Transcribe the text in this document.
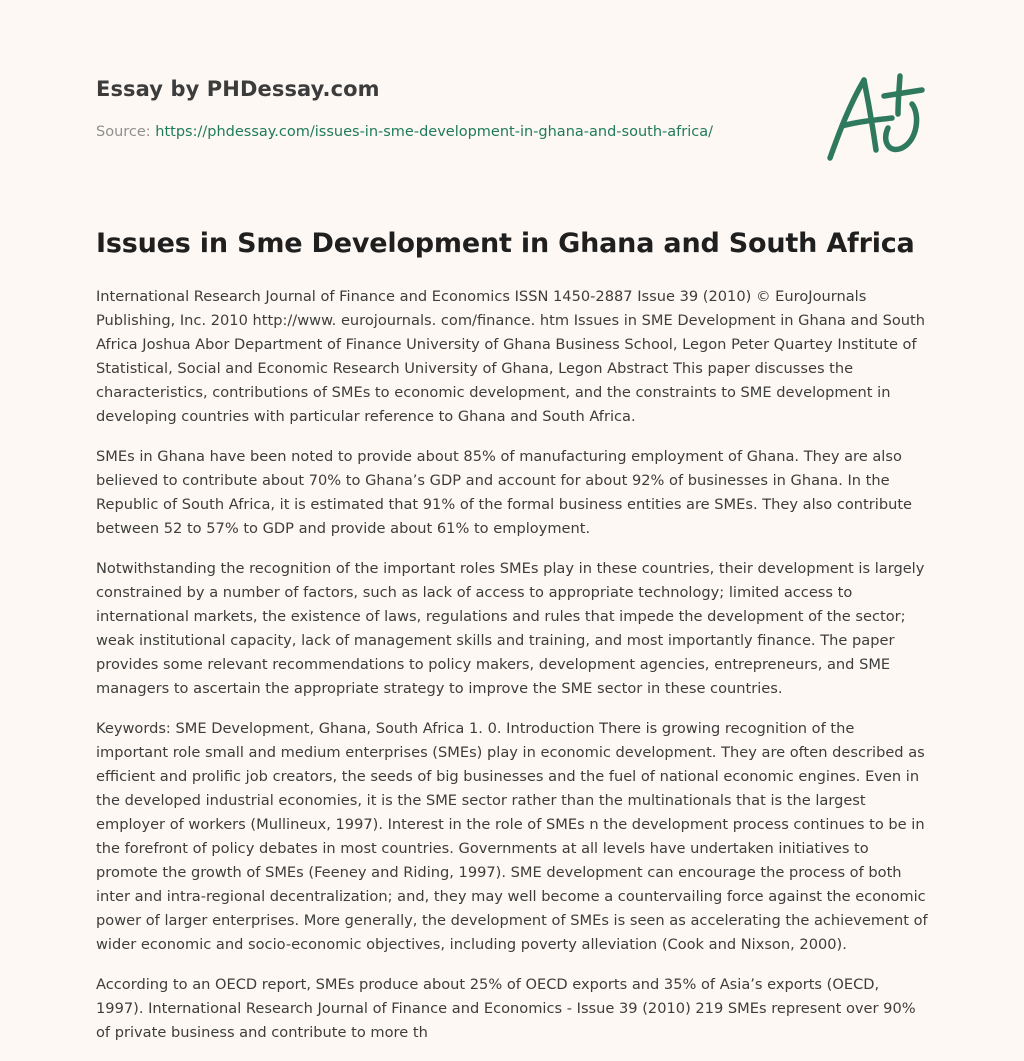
Essay by PHDessay.com
Source: https://phdessay.com/issues-in-sme-development-in-ghana-and-south-africa/
Issues in Sme Development in Ghana and South Africa

International Research Journal of Finance and Economics ISSN 1450-2887 Issue 39 (2010) © EuroJournals Publishing, Inc. 2010 http://www. eurojournals. com/finance. htm Issues in SME Development in Ghana and South Africa Joshua Abor Department of Finance University of Ghana Business School, Legon Peter Quartey Institute of Statistical, Social and Economic Research University of Ghana, Legon Abstract This paper discusses the characteristics, contributions of SMEs to economic development, and the constraints to SME development in developing countries with particular reference to Ghana and South Africa.

SMEs in Ghana have been noted to provide about 85% of manufacturing employment of Ghana. They are also believed to contribute about 70% to Ghana’s GDP and account for about 92% of businesses in Ghana. In the Republic of South Africa, it is estimated that 91% of the formal business entities are SMEs. They also contribute between 52 to 57% to GDP and provide about 61% to employment.

Notwithstanding the recognition of the important roles SMEs play in these countries, their development is largely constrained by a number of factors, such as lack of access to appropriate technology; limited access to international markets, the existence of laws, regulations and rules that impede the development of the sector; weak institutional capacity, lack of management skills and training, and most importantly finance. The paper provides some relevant recommendations to policy makers, development agencies, entrepreneurs, and SME managers to ascertain the appropriate strategy to improve the SME sector in these countries.

Keywords: SME Development, Ghana, South Africa 1. 0. Introduction There is growing recognition of the important role small and medium enterprises (SMEs) play in economic development. They are often described as efficient and prolific job creators, the seeds of big businesses and the fuel of national economic engines. Even in the developed industrial economies, it is the SME sector rather than the multinationals that is the largest employer of workers (Mullineux, 1997). Interest in the role of SMEs n the development process continues to be in the forefront of policy debates in most countries. Governments at all levels have undertaken initiatives to promote the growth of SMEs (Feeney and Riding, 1997). SME development can encourage the process of both inter and intra-regional decentralization; and, they may well become a countervailing force against the economic power of larger enterprises. More generally, the development of SMEs is seen as accelerating the achievement of wider economic and socio-economic objectives, including poverty alleviation (Cook and Nixson, 2000).

According to an OECD report, SMEs produce about 25% of OECD exports and 35% of Asia’s exports (OECD, 1997). International Research Journal of Finance and Economics - Issue 39 (2010) 219 SMEs represent over 90% of private business and contribute to more th
